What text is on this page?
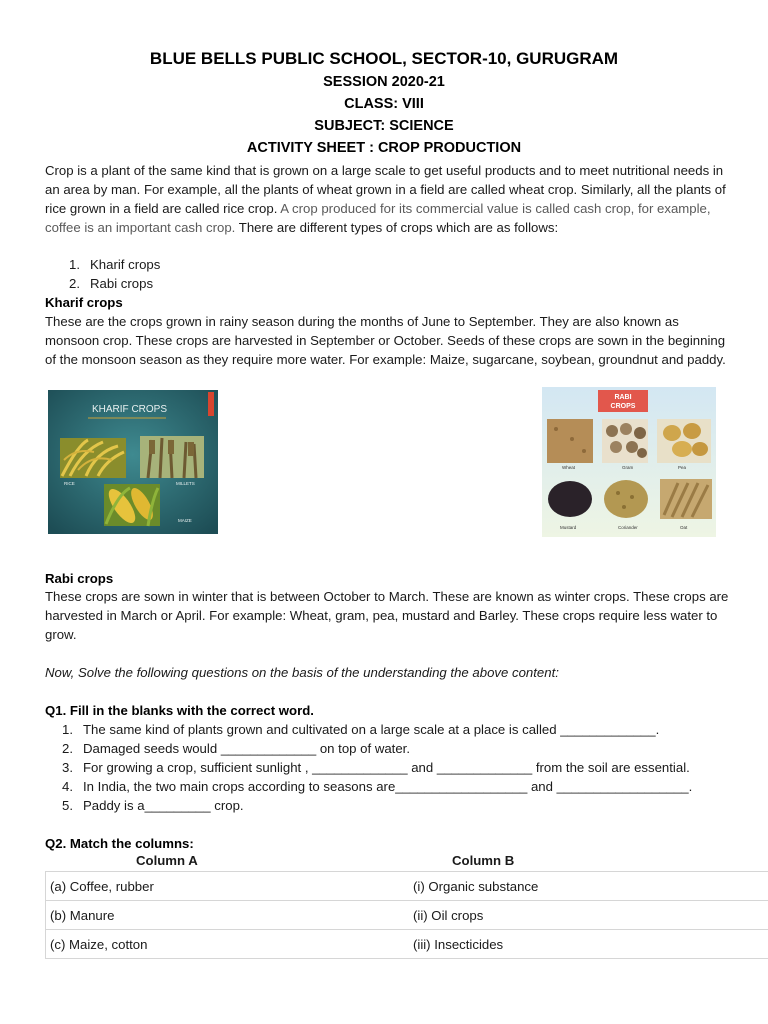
BLUE BELLS PUBLIC SCHOOL, SECTOR-10, GURUGRAM
SESSION 2020-21
CLASS: VIII
SUBJECT: SCIENCE
ACTIVITY SHEET : CROP PRODUCTION

Crop is a plant of the same kind that is grown on a large scale to get useful products and to meet nutritional needs in an area by man. For example, all the plants of wheat grown in a field are called wheat crop. Similarly, all the plants of rice grown in a field are called rice crop. A crop produced for its commercial value is called cash crop, for example, coffee is an important cash crop. There are different types of crops which are as follows:

1. Kharif crops
2. Rabi crops
Kharif crops

These are the crops grown in rainy season during the months of June to September. They are also known as monsoon crop. These crops are harvested in September or October. Seeds of these crops are sown in the beginning of the monsoon season as they require more water. For example: Maize, sugarcane, soybean, groundnut and paddy.

KHARIF CROPS
RICE	MILLETS
MAIZE
RABI
CROPS
Wheat	Gram	Pea
Mustard	Coriander	Oat
Rabi crops

These crops are sown in winter that is between October to March. These are known as winter crops. These crops are harvested in March or April. For example: Wheat, gram, pea, mustard and Barley. These crops require less water to grow.

Now, Solve the following questions on the basis of the understanding the above content:
Q1. Fill in the blanks with the correct word.
1. The same kind of plants grown and cultivated on a large scale at a place is called _____________.
2. Damaged seeds would _____________ on top of water.
3. For growing a crop, sufficient sunlight , _____________ and _____________ from the soil are essential.
4. In India, the two main crops according to seasons are__________________ and __________________.
5. Paddy is a_________ crop.
Q2. Match the columns:
Column A	Column B
(a) Coffee, rubber	(i) Organic substance
(b) Manure	(ii) Oil crops
(c) Maize, cotton	(iii) Insecticides
